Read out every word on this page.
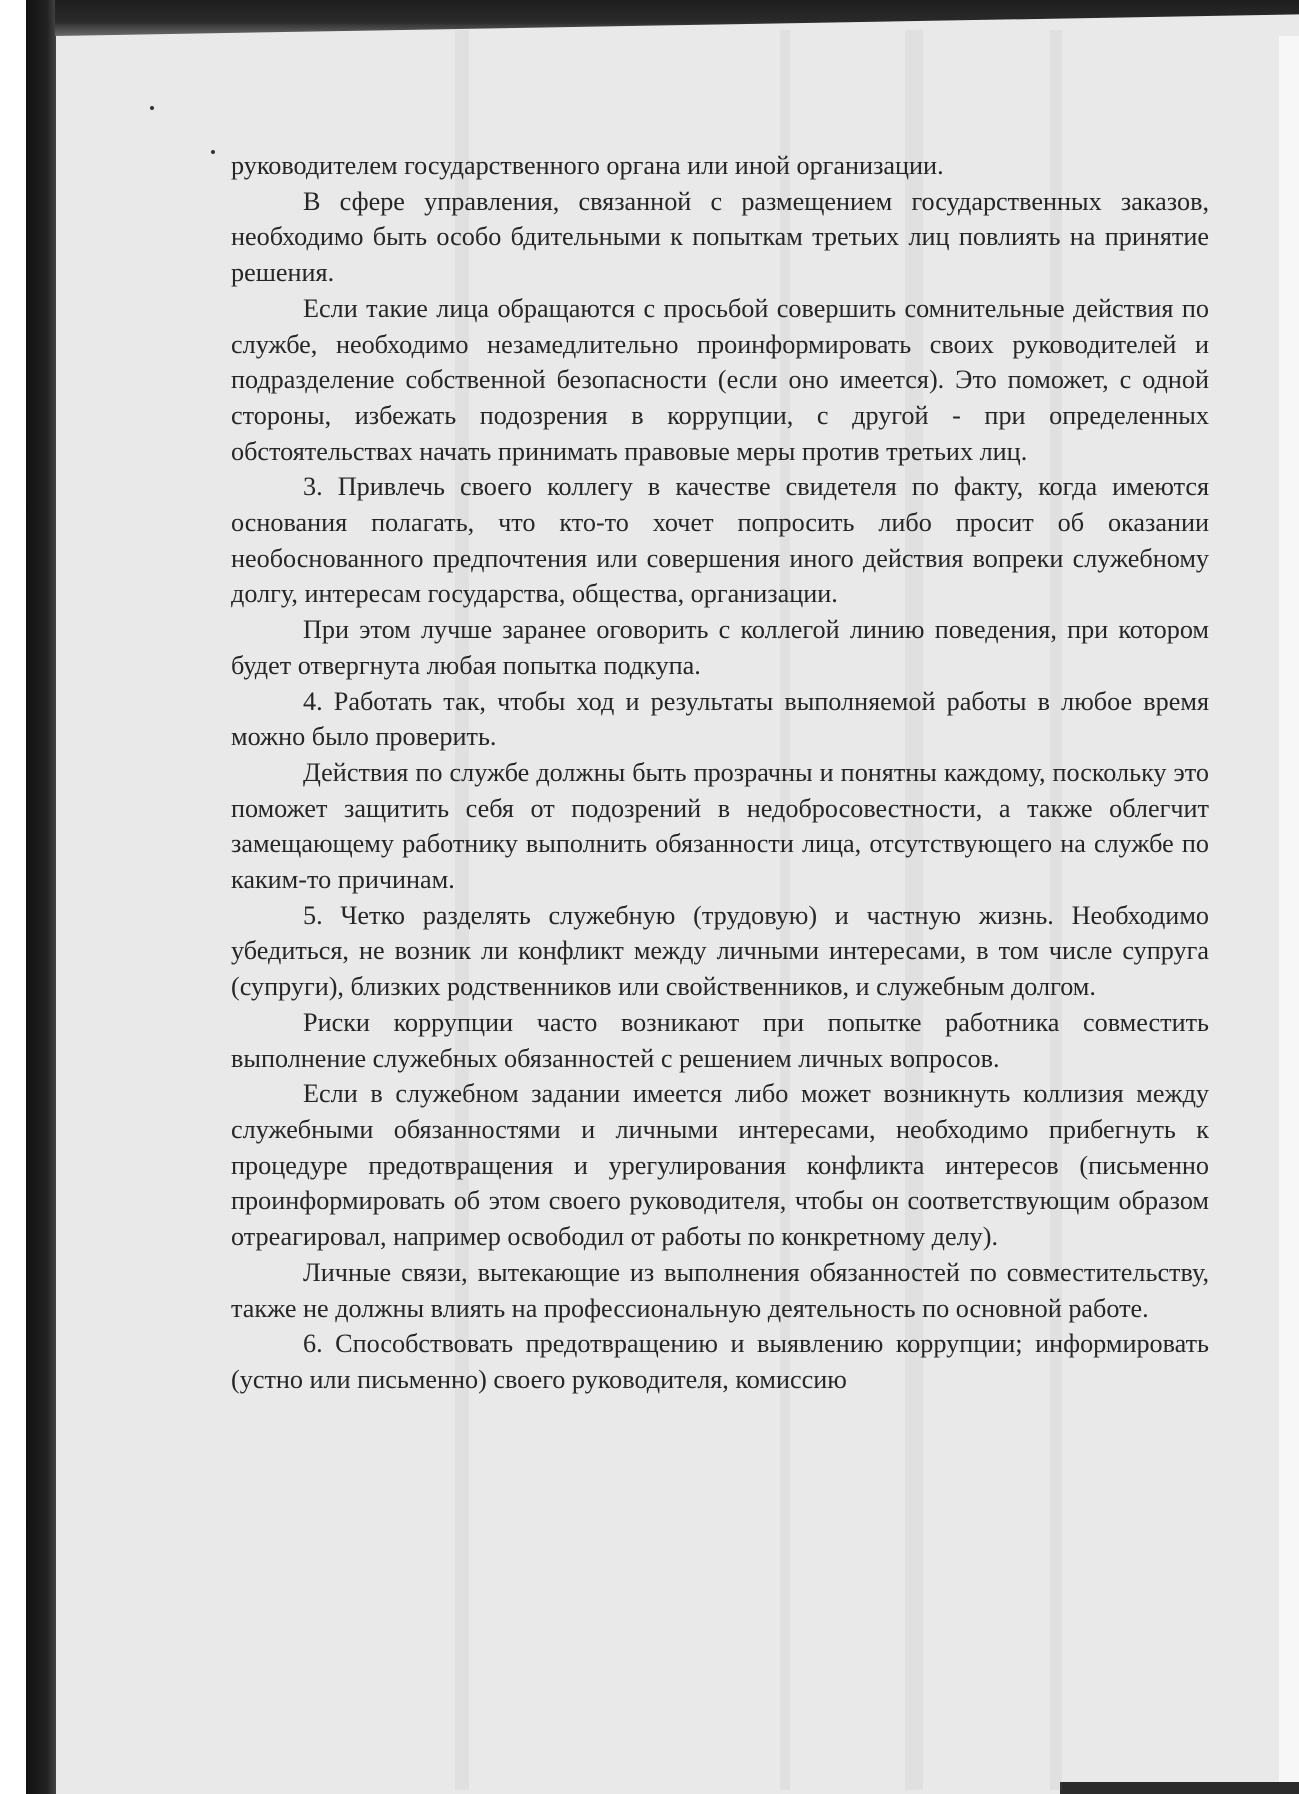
руководителем государственного органа или иной организации.

В сфере управления, связанной с размещением государственных заказов, необходимо быть особо бдительными к попыткам третьих лиц повлиять на принятие решения.

Если такие лица обращаются с просьбой совершить сомнительные действия по службе, необходимо незамедлительно проинформировать своих руководителей и подразделение собственной безопасности (если оно имеется). Это поможет, с одной стороны, избежать подозрения в коррупции, с другой - при определенных обстоятельствах начать принимать правовые меры против третьих лиц.

3. Привлечь своего коллегу в качестве свидетеля по факту, когда имеются основания полагать, что кто-то хочет попросить либо просит об оказании необоснованного предпочтения или совершения иного действия вопреки служебному долгу, интересам государства, общества, организации.

При этом лучше заранее оговорить с коллегой линию поведения, при котором будет отвергнута любая попытка подкупа.

4. Работать так, чтобы ход и результаты выполняемой работы в любое время можно было проверить.

Действия по службе должны быть прозрачны и понятны каждому, поскольку это поможет защитить себя от подозрений в недобросовестности, а также облегчит замещающему работнику выполнить обязанности лица, отсутствующего на службе по каким-то причинам.

5. Четко разделять служебную (трудовую) и частную жизнь. Необходимо убедиться, не возник ли конфликт между личными интересами, в том числе супруга (супруги), близких родственников или свойственников, и служебным долгом.

Риски коррупции часто возникают при попытке работника совместить выполнение служебных обязанностей с решением личных вопросов.

Если в служебном задании имеется либо может возникнуть коллизия между служебными обязанностями и личными интересами, необходимо прибегнуть к процедуре предотвращения и урегулирования конфликта интересов (письменно проинформировать об этом своего руководителя, чтобы он соответствующим образом отреагировал, например освободил от работы по конкретному делу).

Личные связи, вытекающие из выполнения обязанностей по совместительству, также не должны влиять на профессиональную деятельность по основной работе.

6. Способствовать предотвращению и выявлению коррупции; информировать (устно или письменно) своего руководителя, комиссию
